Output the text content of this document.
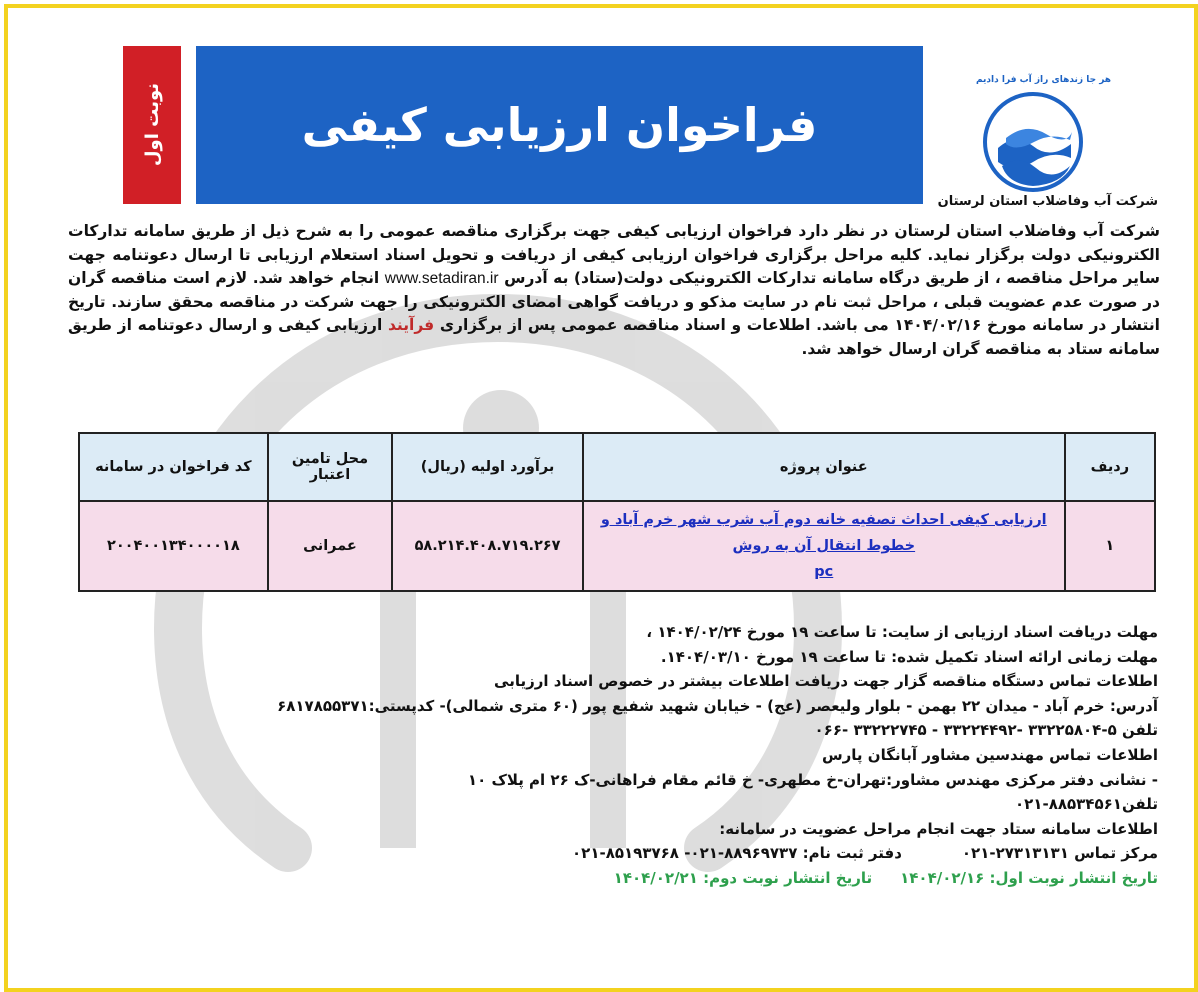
هر جا زندهای راز آب فرا دادیم
شرکت آب وفاضلاب استان لرستان
فراخوان ارزیابی کیفی
نوبت اول
شرکت آب وفاضلاب استان لرستان در نظر دارد فراخوان ارزیابی کیفی جهت برگزاری مناقصه عمومی را به شرح ذیل از طریق سامانه تدارکات الکترونیکی دولت برگزار نماید. کلیه مراحل برگزاری فراخوان ارزیابی کیفی از دریافت و تحویل اسناد استعلام ارزیابی تا ارسال دعوتنامه جهت سایر مراحل مناقصه ، از طریق درگاه سامانه تدارکات الکترونیکی دولت(ستاد) به آدرس www.setadiran.ir انجام خواهد شد. لازم است مناقصه گران در صورت عدم عضویت قبلی ، مراحل ثبت نام در سایت مذکو و دریافت گواهی امضای الکترونیکی را جهت شرکت در مناقصه محقق سازند. تاریخ انتشار در سامانه مورخ ۱۴۰۴/۰۲/۱۶ می باشد. اطلاعات و اسناد مناقصه عمومی پس از برگزاری فرآیند ارزیابی کیفی و ارسال دعوتنامه از طریق سامانه ستاد به مناقصه گران ارسال خواهد شد.
ردیف	عنوان پروژه	برآورد اولیه (ریال)	محل تامین اعتبار	کد فراخوان در سامانه
۱	ارزیابی کیفی احداث تصفیه خانه دوم آب شرب شهر خرم آباد و
خطوط انتقال آن به روش
pc	۵۸.۲۱۴.۴۰۸.۷۱۹.۲۶۷	عمرانی	۲۰۰۴۰۰۱۳۴۰۰۰۰۱۸

مهلت دریافت اسناد ارزیابی از سایت: تا ساعت ۱۹ مورخ ۱۴۰۴/۰۲/۲۴ ،

مهلت زمانی ارائه اسناد تکمیل شده: تا ساعت ۱۹ مورخ ۱۴۰۴/۰۳/۱۰.

اطلاعات تماس دستگاه مناقصه گزار جهت دریافت اطلاعات بیشتر در خصوص اسناد ارزیابی

آدرس: خرم آباد - میدان ۲۲ بهمن - بلوار ولیعصر (عج) - خیابان شهید شفیع پور (۶۰ متری شمالی)- کدپستی:۶۸۱۷۸۵۵۳۷۱

تلفن ۵-۳۳۲۲۵۸۰۴ -۳۳۲۲۴۴۹۲ - ۳۳۲۲۲۷۴۵ -۰۶۶

اطلاعات تماس مهندسین مشاور آبانگان پارس

- نشانی دفتر مرکزی مهندس مشاور:تهران-خ مطهری- خ قائم مقام فراهانی-ک ۲۶ ام پلاک ۱۰

تلفن۸۸۵۳۴۵۶۱-۰۲۱

اطلاعات سامانه ستاد جهت انجام مراحل عضویت در سامانه:

مرکز تماس ۲۷۳۱۳۱۳۱-۰۲۱دفتر ثبت نام: ۸۸۹۶۹۷۳۷-۰۲۱- ۸۵۱۹۳۷۶۸-۰۲۱

تاریخ انتشار نوبت اول: ۱۴۰۴/۰۲/۱۶تاریخ انتشار نوبت دوم: ۱۴۰۴/۰۲/۲۱
